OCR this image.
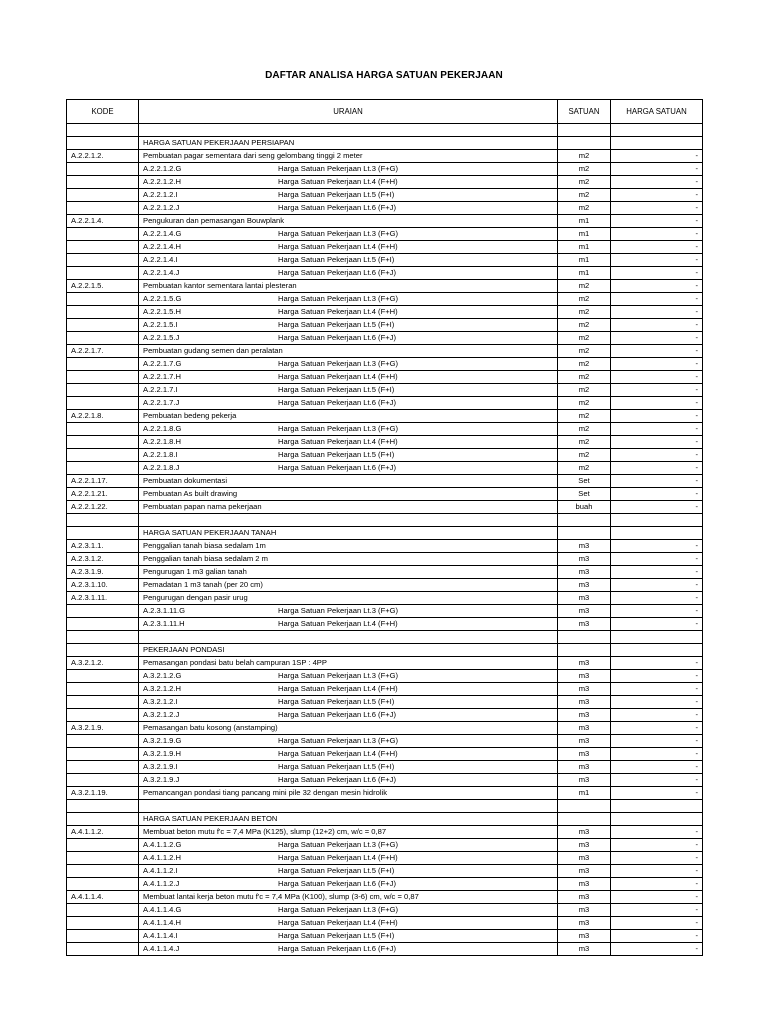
DAFTAR ANALISA HARGA SATUAN PEKERJAAN
KODE	URAIAN	SATUAN	HARGA SATUAN

	HARGA SATUAN PEKERJAAN PERSIAPAN		
A.2.2.1.2.	Pembuatan pagar sementara dari seng gelombang tinggi 2 meter	m2	-
	A.2.2.1.2.G Harga Satuan Pekerjaan Lt.3 (F+G)	m2	-
	A.2.2.1.2.H Harga Satuan Pekerjaan Lt.4 (F+H)	m2	-
	A.2.2.1.2.I Harga Satuan Pekerjaan Lt.5 (F+I)	m2	-
	A.2.2.1.2.J Harga Satuan Pekerjaan Lt.6 (F+J)	m2	-
A.2.2.1.4.	Pengukuran dan pemasangan Bouwplank	m1	-
	A.2.2.1.4.G Harga Satuan Pekerjaan Lt.3 (F+G)	m1	-
	A.2.2.1.4.H Harga Satuan Pekerjaan Lt.4 (F+H)	m1	-
	A.2.2.1.4.I Harga Satuan Pekerjaan Lt.5 (F+I)	m1	-
	A.2.2.1.4.J Harga Satuan Pekerjaan Lt.6 (F+J)	m1	-
A.2.2.1.5.	Pembuatan kantor sementara lantai plesteran	m2	-
	A.2.2.1.5.G Harga Satuan Pekerjaan Lt.3 (F+G)	m2	-
	A.2.2.1.5.H Harga Satuan Pekerjaan Lt.4 (F+H)	m2	-
	A.2.2.1.5.I Harga Satuan Pekerjaan Lt.5 (F+I)	m2	-
	A.2.2.1.5.J Harga Satuan Pekerjaan Lt.6 (F+J)	m2	-
A.2.2.1.7.	Pembuatan gudang semen dan peralatan	m2	-
	A.2.2.1.7.G Harga Satuan Pekerjaan Lt.3 (F+G)	m2	-
	A.2.2.1.7.H Harga Satuan Pekerjaan Lt.4 (F+H)	m2	-
	A.2.2.1.7.I Harga Satuan Pekerjaan Lt.5 (F+I)	m2	-
	A.2.2.1.7.J Harga Satuan Pekerjaan Lt.6 (F+J)	m2	-
A.2.2.1.8.	Pembuatan bedeng pekerja	m2	-
	A.2.2.1.8.G Harga Satuan Pekerjaan Lt.3 (F+G)	m2	-
	A.2.2.1.8.H Harga Satuan Pekerjaan Lt.4 (F+H)	m2	-
	A.2.2.1.8.I Harga Satuan Pekerjaan Lt.5 (F+I)	m2	-
	A.2.2.1.8.J Harga Satuan Pekerjaan Lt.6 (F+J)	m2	-
A.2.2.1.17.	Pembuatan dokumentasi	Set	-
A.2.2.1.21.	Pembuatan As built drawing	Set	-
A.2.2.1.22.	Pembuatan papan nama pekerjaan	buah	-

	HARGA SATUAN PEKERJAAN TANAH		
A.2.3.1.1.	Penggalian tanah biasa sedalam 1m	m3	-
A.2.3.1.2.	Penggalian tanah biasa sedalam 2 m	m3	-
A.2.3.1.9.	Pengurugan 1 m3 galian tanah	m3	-
A.2.3.1.10.	Pemadatan 1 m3 tanah (per 20 cm)	m3	-
A.2.3.1.11.	Pengurugan dengan pasir urug	m3	-
	A.2.3.1.11.G Harga Satuan Pekerjaan Lt.3 (F+G)	m3	-
	A.2.3.1.11.H Harga Satuan Pekerjaan Lt.4 (F+H)	m3	-

	PEKERJAAN PONDASI		
A.3.2.1.2.	Pemasangan pondasi batu belah campuran 1SP : 4PP	m3	-
	A.3.2.1.2.G Harga Satuan Pekerjaan Lt.3 (F+G)	m3	-
	A.3.2.1.2.H Harga Satuan Pekerjaan Lt.4 (F+H)	m3	-
	A.3.2.1.2.I Harga Satuan Pekerjaan Lt.5 (F+I)	m3	-
	A.3.2.1.2.J Harga Satuan Pekerjaan Lt.6 (F+J)	m3	-
A.3.2.1.9.	Pemasangan batu kosong (anstamping)	m3	-
	A.3.2.1.9.G Harga Satuan Pekerjaan Lt.3 (F+G)	m3	-
	A.3.2.1.9.H Harga Satuan Pekerjaan Lt.4 (F+H)	m3	-
	A.3.2.1.9.I Harga Satuan Pekerjaan Lt.5 (F+I)	m3	-
	A.3.2.1.9.J Harga Satuan Pekerjaan Lt.6 (F+J)	m3	-
A.3.2.1.19.	Pemancangan pondasi tiang pancang mini pile 32 dengan mesin hidrolik	m1	-

	HARGA SATUAN PEKERJAAN BETON		
A.4.1.1.2.	Membuat beton mutu f'c = 7,4 MPa (K125), slump (12+2) cm, w/c = 0,87	m3	-
	A.4.1.1.2.G Harga Satuan Pekerjaan Lt.3 (F+G)	m3	-
	A.4.1.1.2.H Harga Satuan Pekerjaan Lt.4 (F+H)	m3	-
	A.4.1.1.2.I Harga Satuan Pekerjaan Lt.5 (F+I)	m3	-
	A.4.1.1.2.J Harga Satuan Pekerjaan Lt.6 (F+J)	m3	-
A.4.1.1.4.	Membuat lantai kerja beton mutu f'c = 7,4 MPa (K100), slump (3-6) cm, w/c = 0,87	m3	-
	A.4.1.1.4.G Harga Satuan Pekerjaan Lt.3 (F+G)	m3	-
	A.4.1.1.4.H Harga Satuan Pekerjaan Lt.4 (F+H)	m3	-
	A.4.1.1.4.I Harga Satuan Pekerjaan Lt.5 (F+I)	m3	-
	A.4.1.1.4.J Harga Satuan Pekerjaan Lt.6 (F+J)	m3	-
